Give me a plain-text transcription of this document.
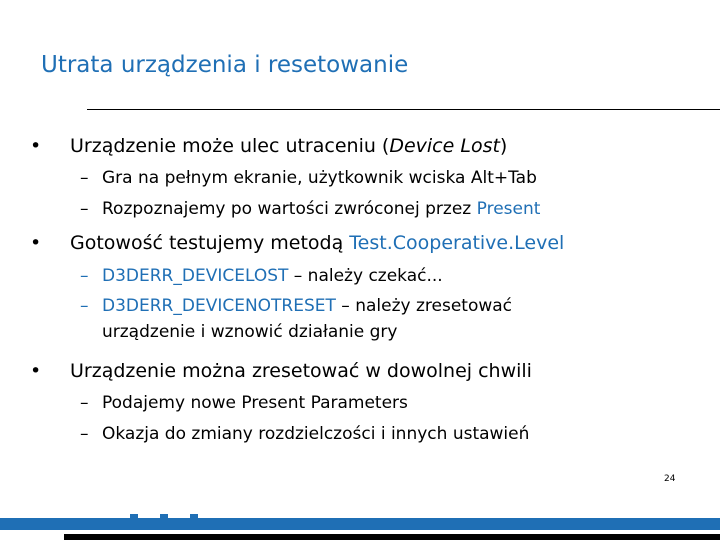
Utrata urządzenia i resetowanie
• Urządzenie może ulec utraceniu (Device Lost)
– Gra na pełnym ekranie, użytkownik wciska Alt+Tab
– Rozpoznajemy po wartości zwróconej przez Present
• Gotowość testujemy metodą Test.Cooperative.Level
– D3DERR_DEVICELOST – należy czekać...
– D3DERR_DEVICENOTRESET – należy zresetować
urządzenie i wznowić działanie gry
• Urządzenie można zresetować w dowolnej chwili
– Podajemy nowe Present Parameters
– Okazja do zmiany rozdzielczości i innych ustawień
24
